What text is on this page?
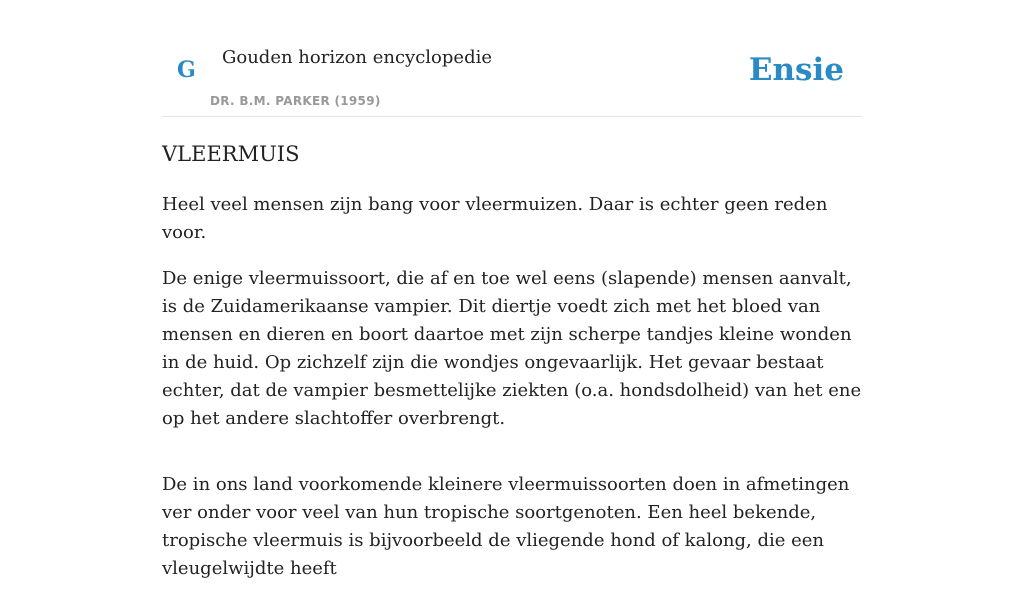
G Gouden horizon encyclopedie
DR. B.M. PARKER (1959)
Ensie
VLEERMUIS

Heel veel mensen zijn bang voor vleermuizen. Daar is echter geen reden voor.

De enige vleermuissoort, die af en toe wel eens (slapende) mensen aanvalt, is de Zuidamerikaanse vampier. Dit diertje voedt zich met het bloed van mensen en dieren en boort daartoe met zijn scherpe tandjes kleine wonden in de huid. Op zichzelf zijn die wondjes ongevaarlijk. Het gevaar bestaat echter, dat de vampier besmettelijke ziekten (o.a. hondsdolheid) van het ene op het andere slachtoffer overbrengt.

De in ons land voorkomende kleinere vleermuissoorten doen in afmetingen ver onder voor veel van hun tropische soortgenoten. Een heel bekende, tropische vleermuis is bijvoorbeeld de vliegende hond of kalong, die een vleugelwijdte heeft
